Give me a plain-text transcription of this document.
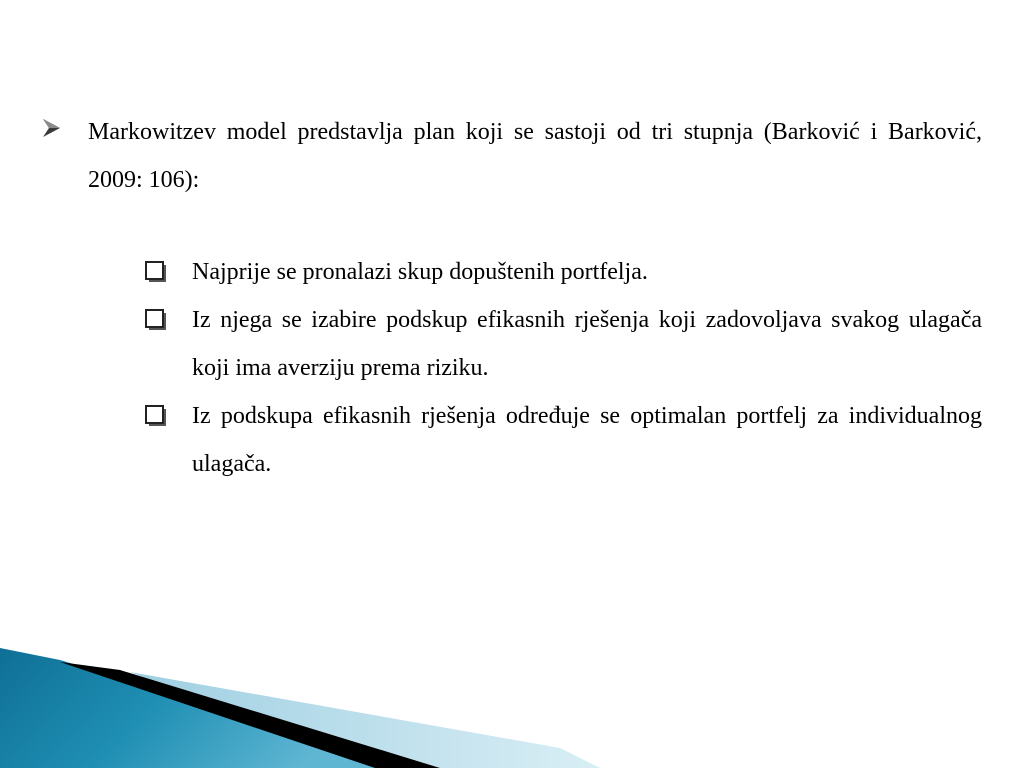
Markowitzev model predstavlja plan koji se sastoji od tri stupnja (Barković i Barković, 2009: 106):
Najprije se pronalazi skup dopuštenih portfelja.
Iz njega se izabire podskup efikasnih rješenja koji zadovoljava svakog ulagača koji ima averziju prema riziku.
Iz podskupa efikasnih rješenja određuje se optimalan portfelj za individualnog ulagača.
